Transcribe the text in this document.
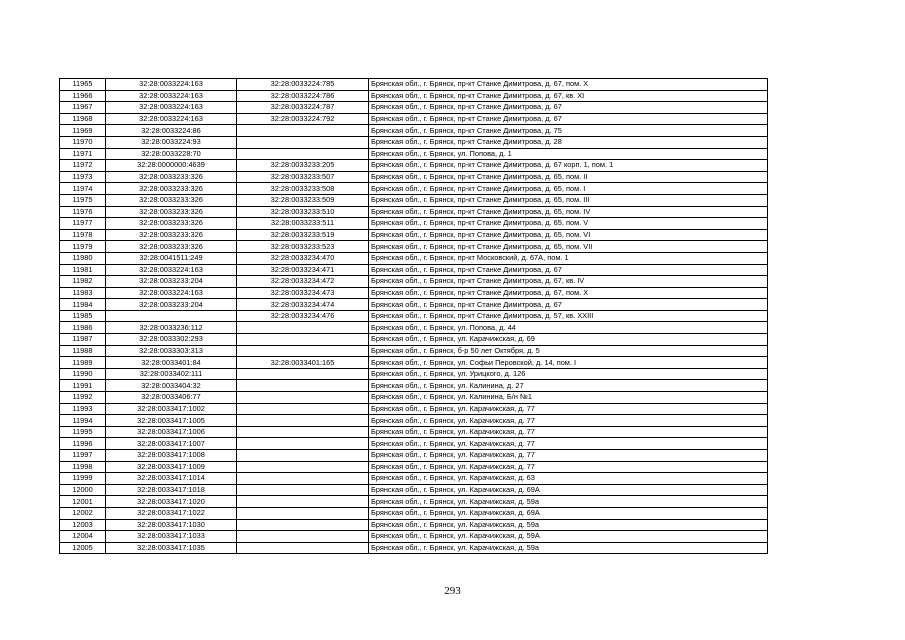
11965	32:28:0033224:163	32:28:0033224:785	Брянская обл., г. Брянск, пр-кт Станке Димитрова, д. 67, пом. X
11966	32:28:0033224:163	32:28:0033224:786	Брянская обл., г. Брянск, пр-кт Станке Димитрова, д. 67, кв. XI
11967	32:28:0033224:163	32:28:0033224:787	Брянская обл., г. Брянск, пр-кт Станке Димитрова, д. 67
11968	32:28:0033224:163	32:28:0033224:792	Брянская обл., г. Брянск, пр-кт Станке Димитрова, д. 67
11969	32:28:0033224:86		Брянская обл., г. Брянск, пр-кт Станке Димитрова, д. 75
11970	32:28:0033224:93		Брянская обл., г. Брянск, пр-кт Станке Димитрова, д. 28
11971	32:28:0033228:70		Брянская обл., г. Брянск, ул. Попова, д. 1
11972	32:28:0000000:4639	32:28:0033233:205	Брянская обл., г. Брянск, пр-кт Станке Димитрова, д. 67 корп. 1, пом. 1
11973	32:28:0033233:326	32:28:0033233:507	Брянская обл., г. Брянск, пр-кт Станке Димитрова, д. 65, пом. II
11974	32:28:0033233:326	32:28:0033233:508	Брянская обл., г. Брянск, пр-кт Станке Димитрова, д. 65, пом. I
11975	32:28:0033233:326	32:28:0033233:509	Брянская обл., г. Брянск, пр-кт Станке Димитрова, д. 65, пом. III
11976	32:28:0033233:326	32:28:0033233:510	Брянская обл., г. Брянск, пр-кт Станке Димитрова, д. 65, пом. IV
11977	32:28:0033233:326	32:28:0033233:511	Брянская обл., г. Брянск, пр-кт Станке Димитрова, д. 65, пом. V
11978	32:28:0033233:326	32:28:0033233:519	Брянская обл., г. Брянск, пр-кт Станке Димитрова, д. 65, пом. VI
11979	32:28:0033233:326	32:28:0033233:523	Брянская обл., г. Брянск, пр-кт Станке Димитрова, д. 65, пом. VII
11980	32:28:0041511:249	32:28:0033234:470	Брянская обл., г. Брянск, пр-кт Московский, д. 67А, пом. 1
11981	32:28:0033224:163	32:28:0033234:471	Брянская обл., г. Брянск, пр-кт Станке Димитрова, д. 67
11982	32:28:0033233:204	32:28:0033234:472	Брянская обл., г. Брянск, пр-кт Станке Димитрова, д. 67, кв. IV
11983	32:28:0033224:163	32:28:0033234:473	Брянская обл., г. Брянск, пр-кт Станке Димитрова, д. 67, пом. X
11984	32:28:0033233:204	32:28:0033234:474	Брянская обл., г. Брянск, пр-кт Станке Димитрова, д. 67
11985		32:28:0033234:476	Брянская обл., г. Брянск, пр-кт Станке Димитрова, д. 57, кв. XXIII
11986	32:28:0033236:112		Брянская обл., г. Брянск, ул. Попова, д. 44
11987	32:28:0033302:293		Брянская обл., г. Брянск, ул. Карачижская, д. 69
11988	32:28:0033303:313		Брянская обл., г. Брянск, б-р 50 лет Октября, д. 5
11989	32:28:0033401:84	32:28:0033401:165	Брянская обл., г. Брянск, ул. Софьи Перовской, д. 14, пом. I
11990	32:28:0033402:111		Брянская обл., г. Брянск, ул. Урицкого, д. 126
11991	32:28:0033404:32		Брянская обл., г. Брянск, ул. Калинина, д. 27
11992	32:28:0033406:77		Брянская обл., г. Брянск, ул. Калинина, Б/н №1
11993	32:28:0033417:1002		Брянская обл., г. Брянск, ул. Карачижская, д. 77
11994	32:28:0033417:1005		Брянская обл., г. Брянск, ул. Карачижская, д. 77
11995	32:28:0033417:1006		Брянская обл., г. Брянск, ул. Карачижская, д. 77
11996	32:28:0033417:1007		Брянская обл., г. Брянск, ул. Карачижская, д. 77
11997	32:28:0033417:1008		Брянская обл., г. Брянск, ул. Карачижская, д. 77
11998	32:28:0033417:1009		Брянская обл., г. Брянск, ул. Карачижская, д. 77
11999	32:28:0033417:1014		Брянская обл., г. Брянск, ул. Карачижская, д. 63
12000	32:28:0033417:1018		Брянская обл., г. Брянск, ул. Карачижская, д. 69А
12001	32:28:0033417:1020		Брянская обл., г. Брянск, ул. Карачижская, д. 59а
12002	32:28:0033417:1022		Брянская обл., г. Брянск, ул. Карачижская, д. 69А
12003	32:28:0033417:1030		Брянская обл., г. Брянск, ул. Карачижская, д. 59а
12004	32:28:0033417:1033		Брянская обл., г. Брянск, ул. Карачижская, д. 59А
12005	32:28:0033417:1035		Брянская обл., г. Брянск, ул. Карачижская, д. 59а
293
